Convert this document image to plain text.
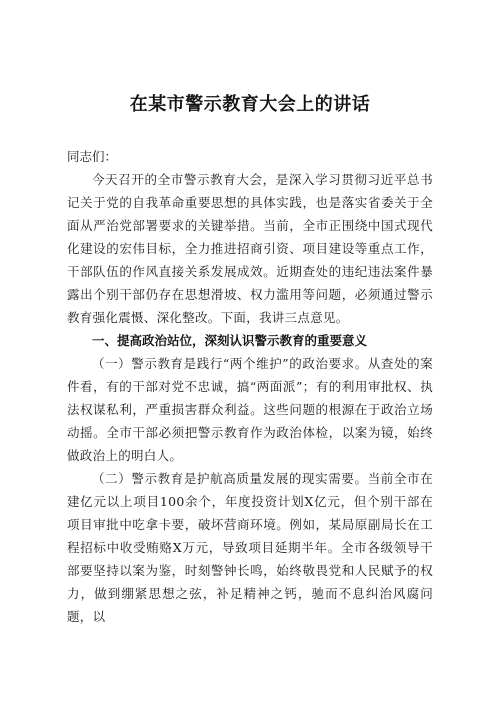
在某市警示教育大会上的讲话

同志们：

今天召开的全市警示教育大会，是深入学习贯彻习近平总书记关于党的自我革命重要思想的具体实践，也是落实省委关于全面从严治党部署要求的关键举措。当前，全市正围绕中国式现代化建设的宏伟目标，全力推进招商引资、项目建设等重点工作，干部队伍的作风直接关系发展成效。近期查处的违纪违法案件暴露出个别干部仍存在思想滑坡、权力滥用等问题，必须通过警示教育强化震慑、深化整改。下面，我讲三点意见。

一、提高政治站位，深刻认识警示教育的重要意义

（一）警示教育是践行“两个维护”的政治要求。从查处的案件看，有的干部对党不忠诚，搞“两面派”；有的利用审批权、执法权谋私利，严重损害群众利益。这些问题的根源在于政治立场动摇。全市干部必须把警示教育作为政治体检，以案为镜，始终做政治上的明白人。

（二）警示教育是护航高质量发展的现实需要。当前全市在建亿元以上项目100余个，年度投资计划X亿元，但个别干部在项目审批中吃拿卡要，破坏营商环境。例如，某局原副局长在工程招标中收受贿赂X万元，导致项目延期半年。全市各级领导干部要坚持以案为鉴，时刻警钟长鸣，始终敬畏党和人民赋予的权力，做到绷紧思想之弦，补足精神之钙，驰而不息纠治风腐问题，以
